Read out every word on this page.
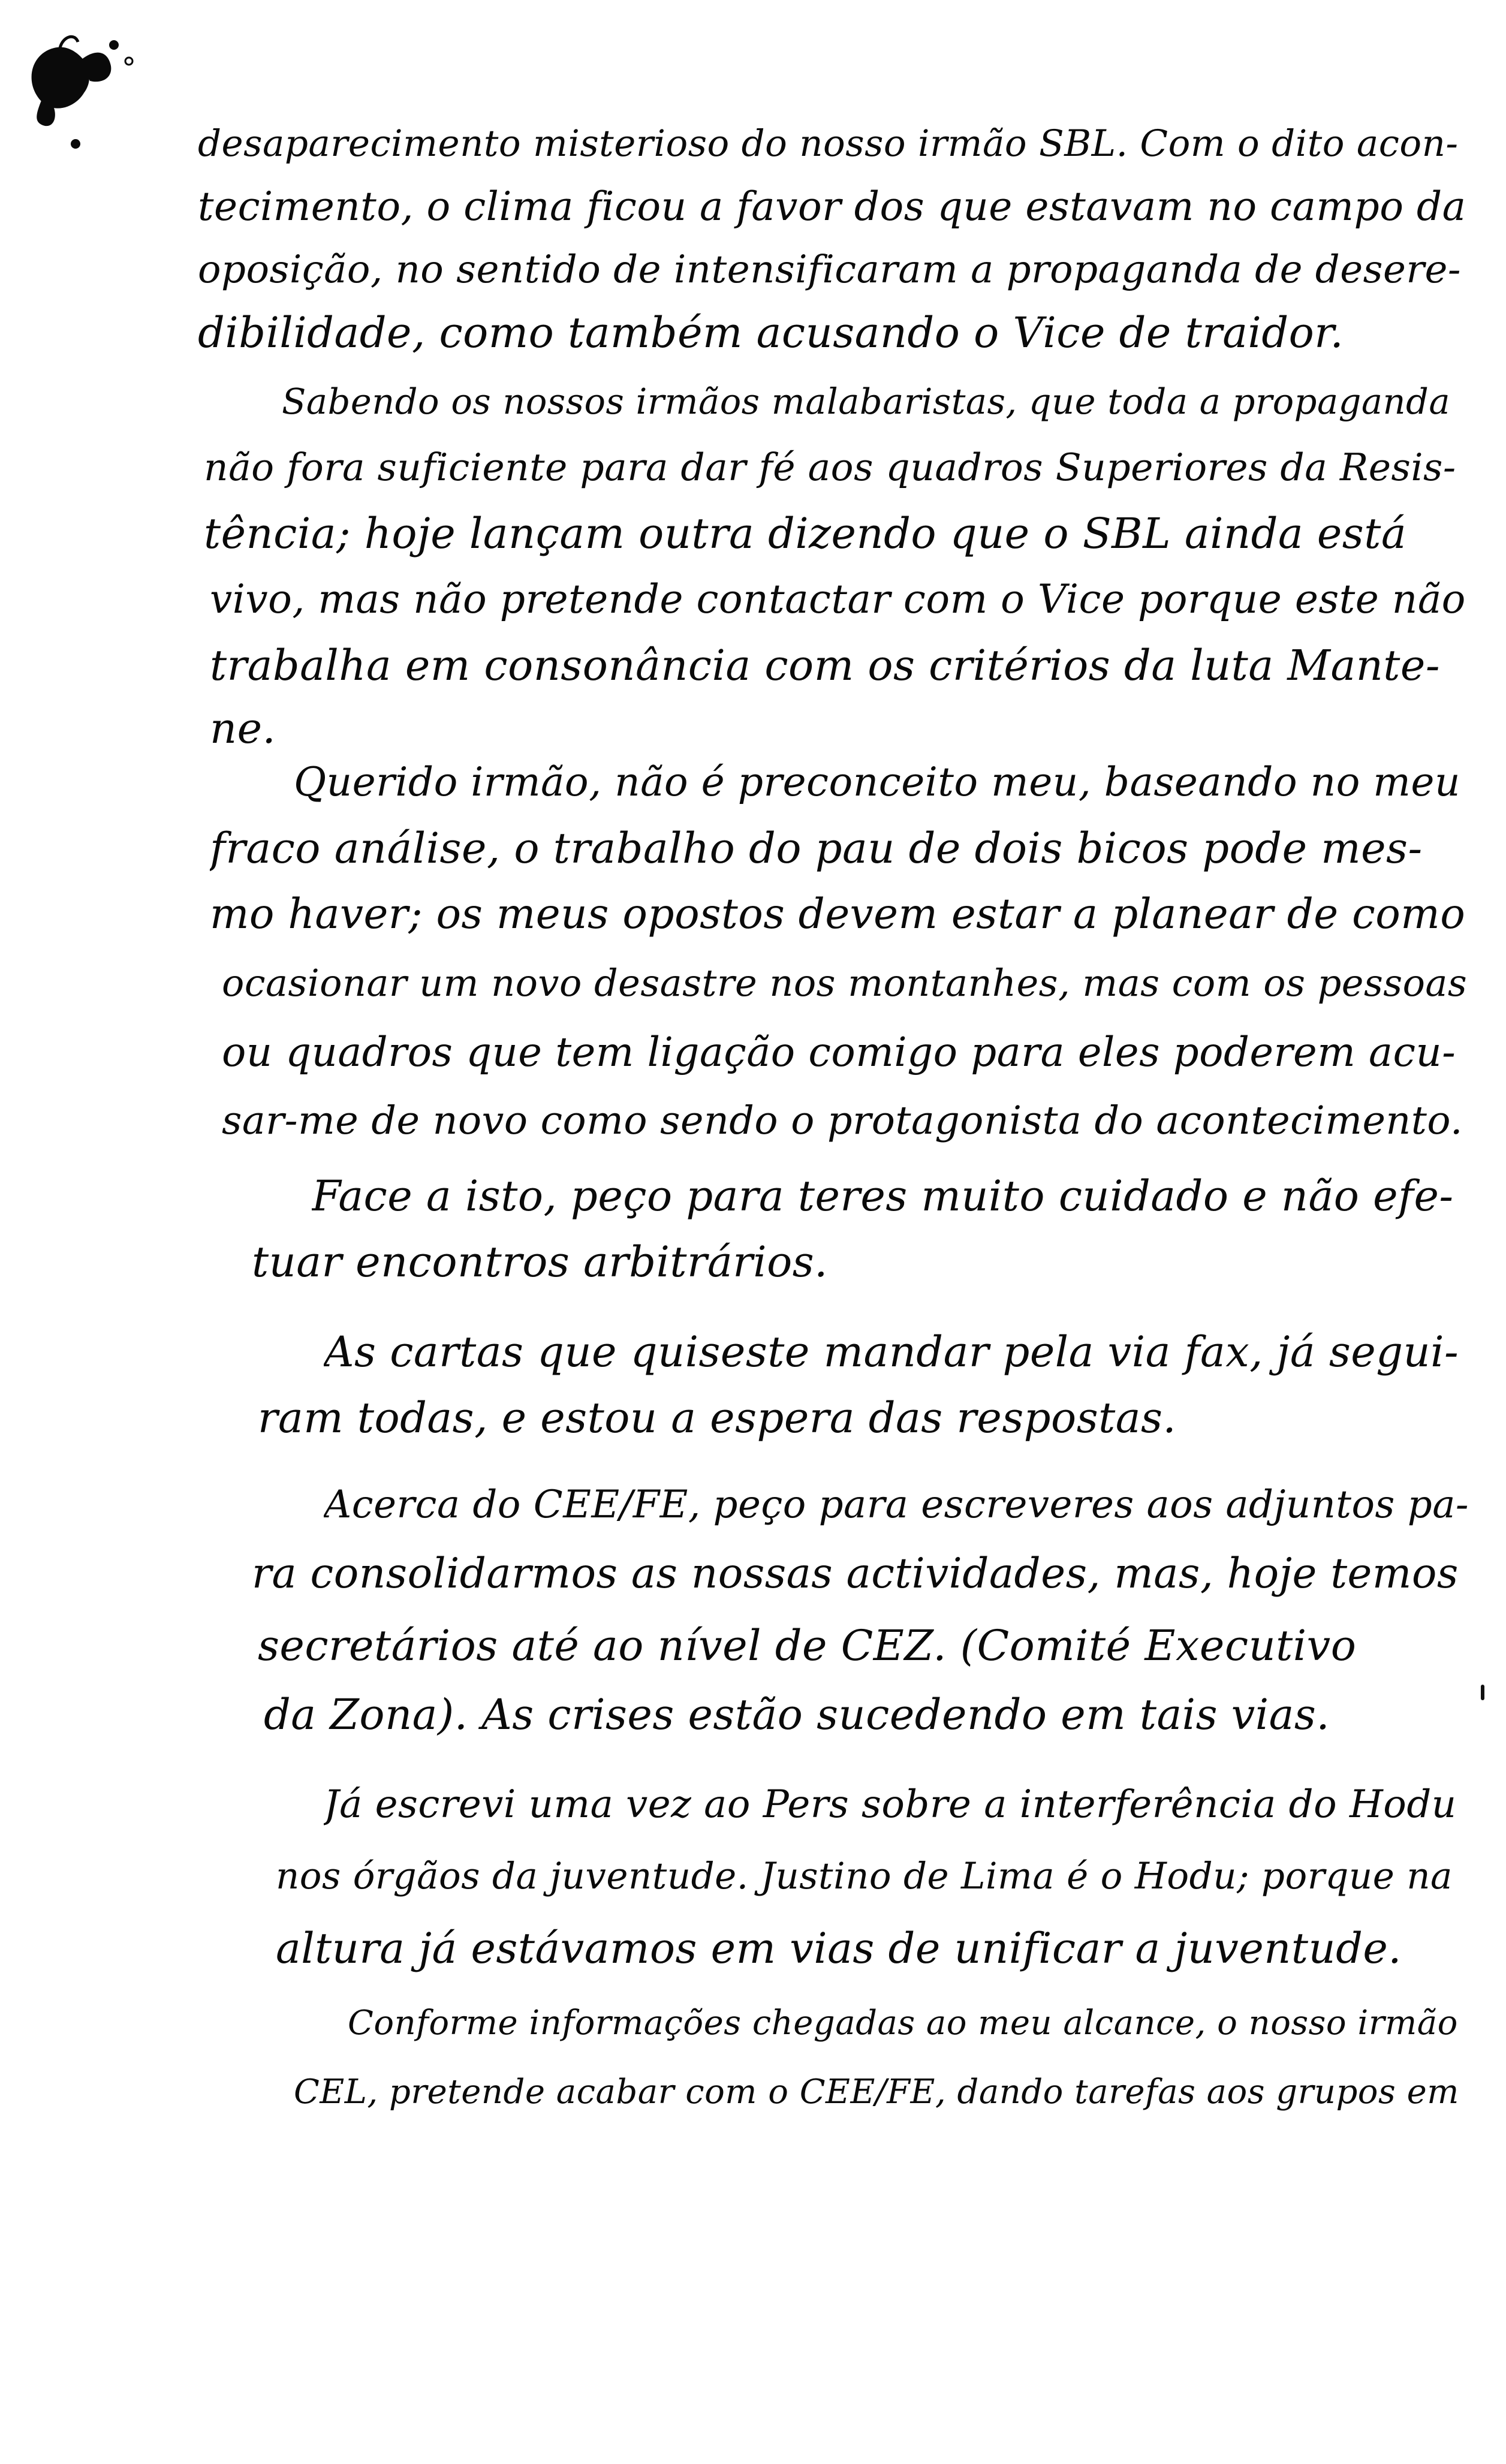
desaparecimento misterioso do nosso irmão SBL. Com o dito acon-

tecimento, o clima ficou a favor dos que estavam no campo da

oposição, no sentido de intensificaram a propaganda de desere-

dibilidade, como também acusando o Vice de traidor.

Sabendo os nossos irmãos malabaristas, que toda a propaganda

não fora suficiente para dar fé aos quadros Superiores da Resis-

tência; hoje lançam outra dizendo que o SBL ainda está

vivo, mas não pretende contactar com o Vice porque este não

trabalha em consonância com os critérios da luta Mante-

ne.

Querido irmão, não é preconceito meu, baseando no meu

fraco análise, o trabalho do pau de dois bicos pode mes-

mo haver; os meus opostos devem estar a planear de como

ocasionar um novo desastre nos montanhes, mas com os pessoas

ou quadros que tem ligação comigo para eles poderem acu-

sar-me de novo como sendo o protagonista do acontecimento.

Face a isto, peço para teres muito cuidado e não efe-

tuar encontros arbitrários.

As cartas que quiseste mandar pela via fax, já segui-

ram todas, e estou a espera das respostas.

Acerca do CEE/FE, peço para escreveres aos adjuntos pa-

ra consolidarmos as nossas actividades, mas, hoje temos

secretários até ao nível de CEZ. (Comité Executivo

da Zona). As crises estão sucedendo em tais vias.

Já escrevi uma vez ao Pers sobre a interferência do Hodu

nos órgãos da juventude. Justino de Lima é o Hodu; porque na

altura já estávamos em vias de unificar a juventude.

Conforme informações chegadas ao meu alcance, o nosso irmão

CEL, pretende acabar com o CEE/FE, dando tarefas aos grupos em
